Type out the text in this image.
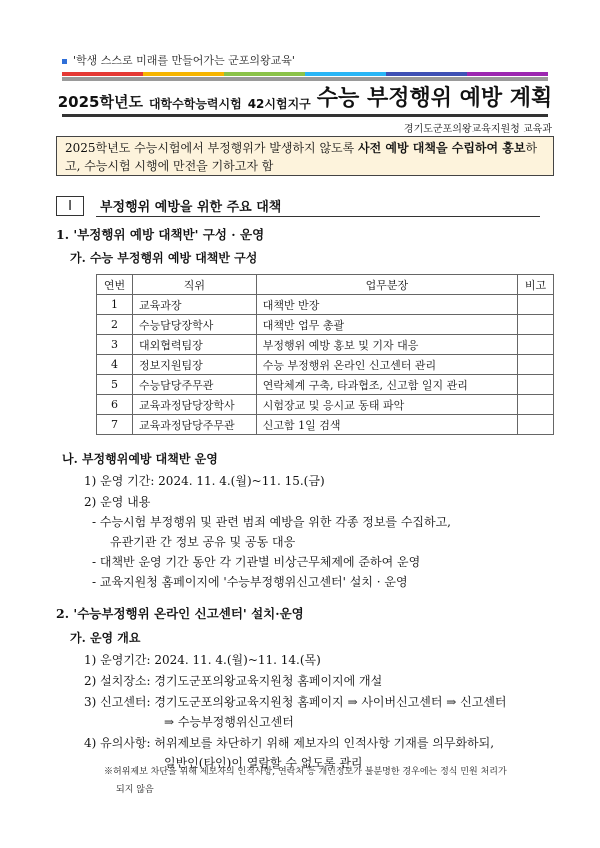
'학생 스스로 미래를 만들어가는 군포의왕교육'
2025학년도 대학수학능력시험 42시험지구 수능 부정행위 예방 계획
경기도군포의왕교육지원청 교육과
2025학년도 수능시험에서 부정행위가 발생하지 않도록 사전 예방 대책을 수립하여 홍보하고, 수능시험 시행에 만전을 기하고자 함
Ⅰ	부정행위 예방을 위한 주요 대책
1. '부정행위 예방 대책반' 구성 · 운영
가. 수능 부정행위 예방 대책반 구성
연번	직위	업무분장	비고
1	교육과장	대책반 반장	
2	수능담당장학사	대책반 업무 총괄	
3	대외협력팀장	부정행위 예방 홍보 및 기자 대응	
4	정보지원팀장	수능 부정행위 온라인 신고센터 관리	
5	수능담당주무관	연락체계 구축, 타과협조, 신고함 일지 관리	
6	교육과정담당장학사	시험장교 및 응시교 동태 파악	
7	교육과정담당주무관	신고함 1일 검색	
나. 부정행위예방 대책반 운영
1) 운영 기간: 2024. 11. 4.(월)~11. 15.(금)
2) 운영 내용
- 수능시험 부정행위 및 관련 범죄 예방을 위한 각종 정보를 수집하고,
유관기관 간 정보 공유 및 공동 대응
- 대책반 운영 기간 동안 각 기관별 비상근무체제에 준하여 운영
- 교육지원청 홈페이지에 '수능부정행위신고센터' 설치 · 운영
2. '수능부정행위 온라인 신고센터' 설치·운영
가. 운영 개요
1) 운영기간: 2024. 11. 4.(월)~11. 14.(목)
2) 설치장소: 경기도군포의왕교육지원청 홈페이지에 개설
3) 신고센터: 경기도군포의왕교육지원청 홈페이지 ⇒ 사이버신고센터 ⇒ 신고센터
⇒ 수능부정행위신고센터
4) 유의사항: 허위제보를 차단하기 위해 제보자의 인적사항 기재를 의무화하되,
일반인(타인)이 열람할 수 없도록 관리
※허위제보 차단을 위해 제보자의 인적사항, 연락처 등 개인정보가 불분명한 경우에는 정식 민원 처리가
되지 않음
